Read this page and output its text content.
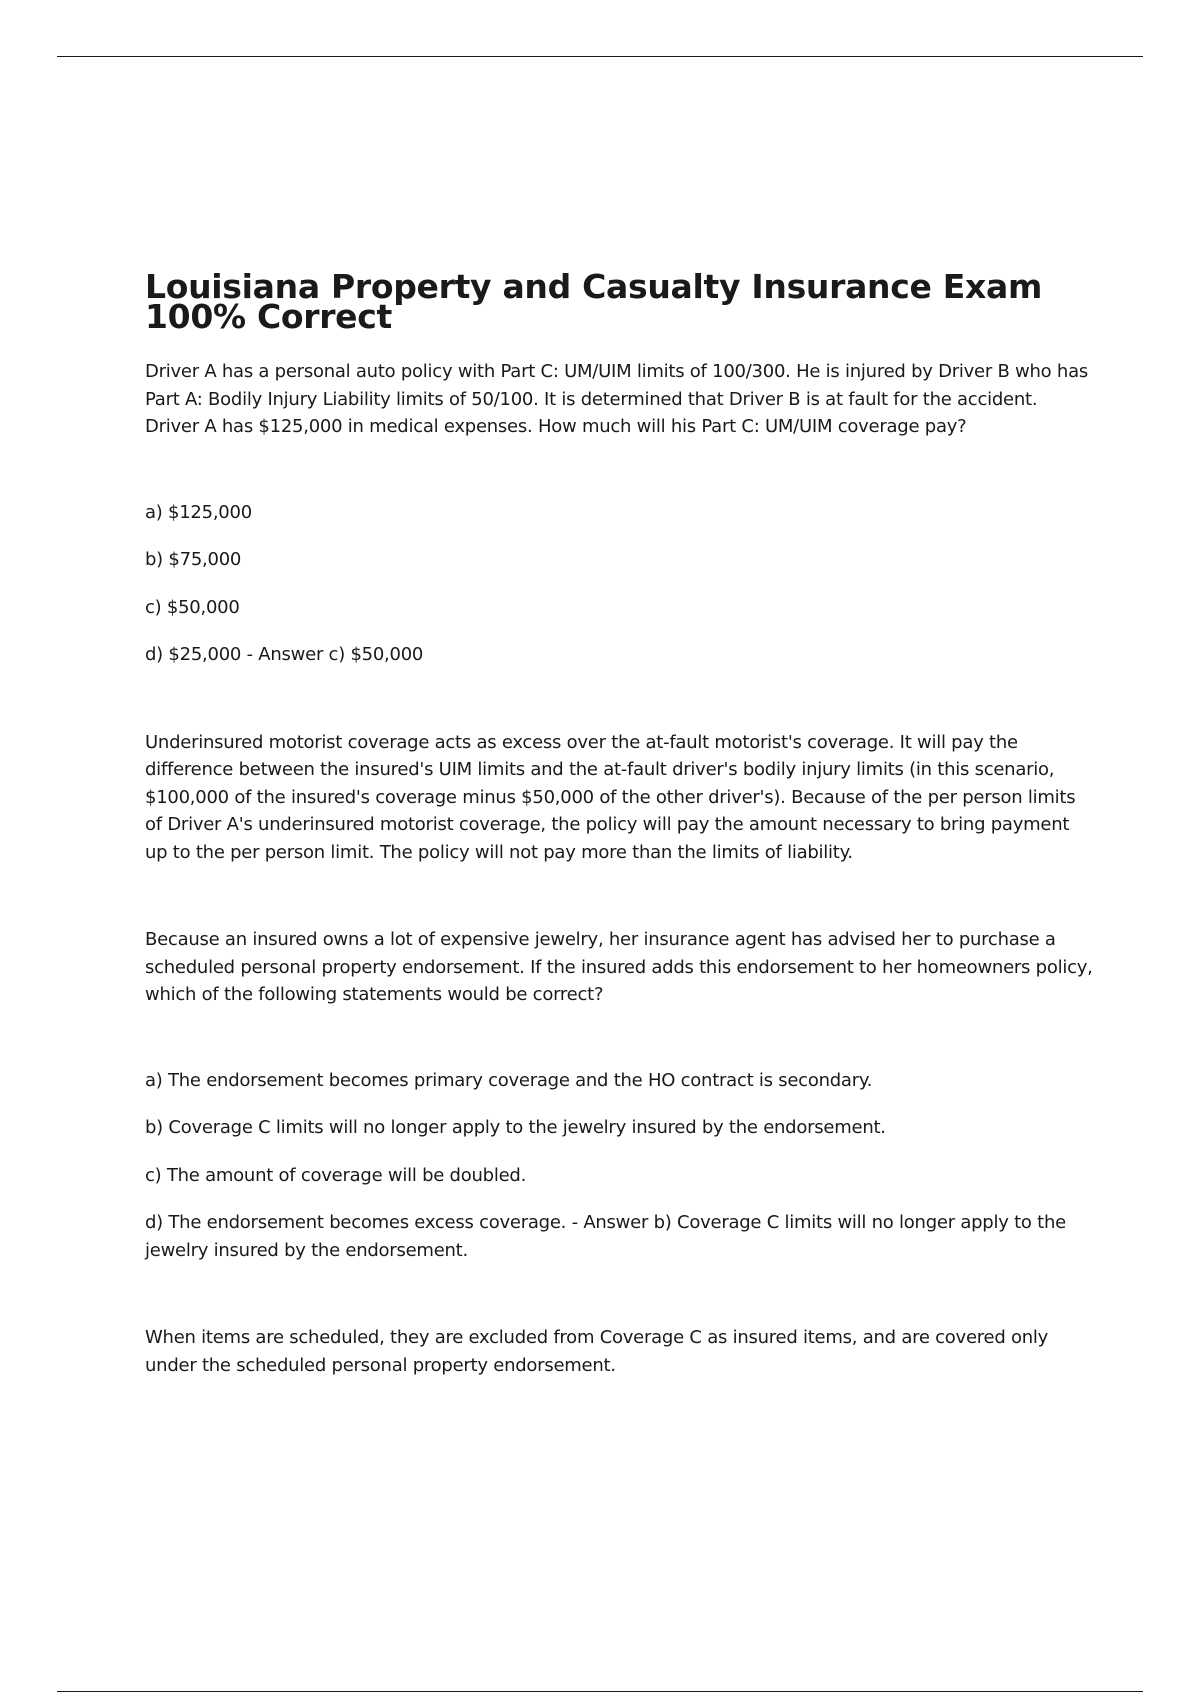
Louisiana Property and Casualty Insurance Exam 100% Correct

Driver A has a personal auto policy with Part C: UM/UIM limits of 100/300. He is injured by Driver B who has Part A: Bodily Injury Liability limits of 50/100. It is determined that Driver B is at fault for the accident. Driver A has $125,000 in medical expenses. How much will his Part C: UM/UIM coverage pay?

a) $125,000

b) $75,000

c) $50,000

d) $25,000 - Answer c) $50,000

Underinsured motorist coverage acts as excess over the at-fault motorist's coverage. It will pay the difference between the insured's UIM limits and the at-fault driver's bodily injury limits (in this scenario, $100,000 of the insured's coverage minus $50,000 of the other driver's). Because of the per person limits of Driver A's underinsured motorist coverage, the policy will pay the amount necessary to bring payment up to the per person limit. The policy will not pay more than the limits of liability.

Because an insured owns a lot of expensive jewelry, her insurance agent has advised her to purchase a scheduled personal property endorsement. If the insured adds this endorsement to her homeowners policy, which of the following statements would be correct?

a) The endorsement becomes primary coverage and the HO contract is secondary.

b) Coverage C limits will no longer apply to the jewelry insured by the endorsement.

c) The amount of coverage will be doubled.

d) The endorsement becomes excess coverage. - Answer b) Coverage C limits will no longer apply to the jewelry insured by the endorsement.

When items are scheduled, they are excluded from Coverage C as insured items, and are covered only under the scheduled personal property endorsement.
